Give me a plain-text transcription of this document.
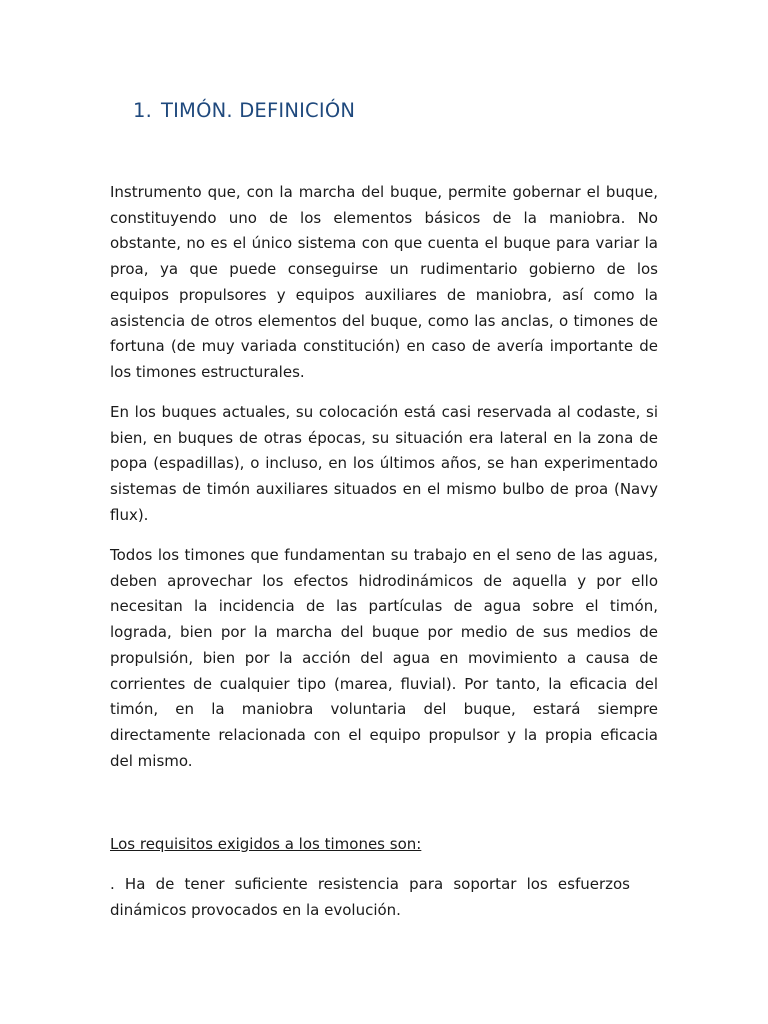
1. TIMÓN. DEFINICIÓN

Instrumento que, con la marcha del buque, permite gobernar el buque, constituyendo uno de los elementos básicos de la maniobra. No obstante, no es el único sistema con que cuenta el buque para variar la proa, ya que puede conseguirse un rudimentario gobierno de los equipos propulsores y equipos auxiliares de maniobra, así como la asistencia de otros elementos del buque, como las anclas, o timones de fortuna (de muy variada constitución) en caso de avería importante de los timones estructurales.

En los buques actuales, su colocación está casi reservada al codaste, si bien, en buques de otras épocas, su situación era lateral en la zona de popa (espadillas), o incluso, en los últimos años, se han experimentado sistemas de timón auxiliares situados en el mismo bulbo de proa (Navy flux).

Todos los timones que fundamentan su trabajo en el seno de las aguas, deben aprovechar los efectos hidrodinámicos de aquella y por ello necesitan la incidencia de las partículas de agua sobre el timón, lograda, bien por la marcha del buque por medio de sus medios de propulsión, bien por la acción del agua en movimiento a causa de corrientes de cualquier tipo (marea, fluvial). Por tanto, la eficacia del timón, en la maniobra voluntaria del buque, estará siempre directamente relacionada con el equipo propulsor y la propia eficacia del mismo.

Los requisitos exigidos a los timones son:

. Ha de tener suficiente resistencia para soportar los esfuerzos dinámicos provocados en la evolución.
